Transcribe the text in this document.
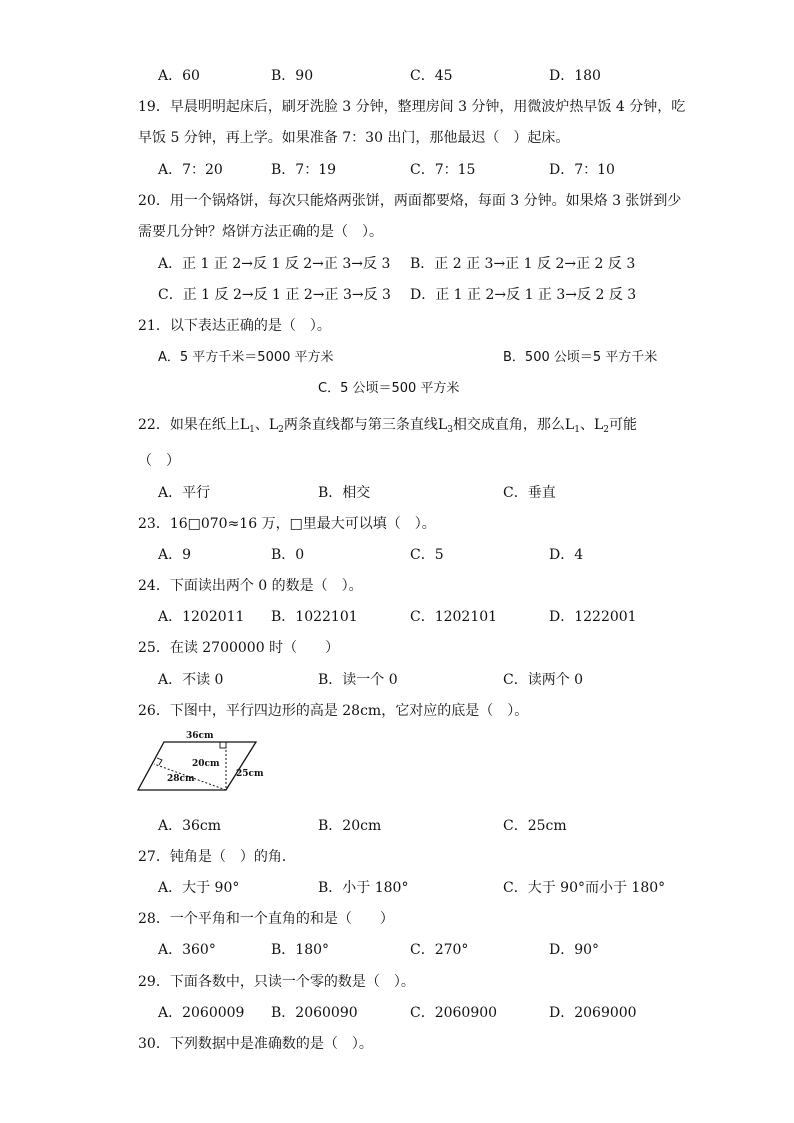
A．60	B．90	C．45	D．180
19．早晨明明起床后，刷牙洗脸 3 分钟，整理房间 3 分钟，用微波炉热早饭 4 分钟，吃
早饭 5 分钟，再上学。如果准备 7：30 出门，那他最迟（　）起床。
A．7：20	B．7：19	C．7：15	D．7：10
20．用一个锅烙饼，每次只能烙两张饼，两面都要烙，每面 3 分钟。如果烙 3 张饼到少
需要几分钟？烙饼方法正确的是（　）。
A．正 1 正 2→反 1 反 2→正 3→反 3 B．正 2 正 3→正 1 反 2→正 2 反 3
C．正 1 反 2→反 1 正 2→正 3→反 3 D．正 1 正 2→反 1 正 3→反 2 反 3
21．以下表达正确的是（　）。
A．5 平方千米＝5000 平方米	B．500 公顷＝5 平方千米
C．5 公顷＝500 平方米
22．如果在纸上$L_1$、$L_2$两条直线都与第三条直线$L_3$相交成直角，那么$L_1$、$L_2$可能
（　）
A．平行	B．相交	C．垂直
23．16□070≈16 万，□里最大可以填（　）。
A．9	B．0	C．5	D．4
24．下面读出两个 0 的数是（　）。
A．1202011 B．1022101	C．1202101	D．1222001
25．在读 2700000 时（　　）
A．不读 0	B．读一个 0	C．读两个 0
26．下图中，平行四边形的高是 28cm，它对应的底是（　）。
36cm
20cm
28cm	25cm
A．36cm	B．20cm	C．25cm
27．钝角是（　）的角．
A．大于 90°	B．小于 180°	C．大于 90°而小于 180°
28．一个平角和一个直角的和是（　　）
A．360°	B．180°	C．270°	D．90°
29．下面各数中，只读一个零的数是（　）。
A．2060009 B．2060090	C．2060900	D．2069000
30．下列数据中是准确数的是（　）。
